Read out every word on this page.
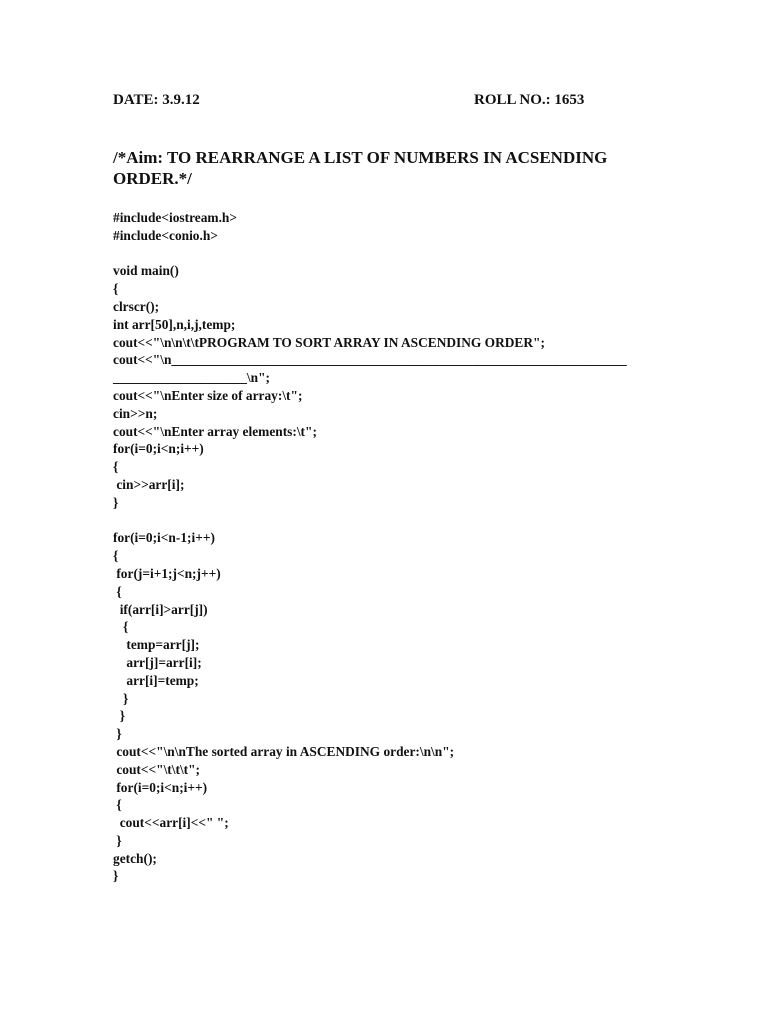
DATE: 3.9.12	ROLL NO.: 1653
/*Aim: TO REARRANGE A LIST OF NUMBERS IN ACSENDING
ORDER.*/
#include<iostream.h>
#include<conio.h>
void main()
{
clrscr();
int arr[50],n,i,j,temp;
cout<<"\n\n\t\tPROGRAM TO SORT ARRAY IN ASCENDING ORDER";
cout<<"\n____________________________________________________________________
____________________\n";
cout<<"\nEnter size of array:\t";
cin>>n;
cout<<"\nEnter array elements:\t";
for(i=0;i<n;i++)
{
cin>>arr[i];
}
for(i=0;i<n-1;i++)
{
for(j=i+1;j<n;j++)
{
if(arr[i]>arr[j])
{
temp=arr[j];
arr[j]=arr[i];
arr[i]=temp;
}
}
}
cout<<"\n\nThe sorted array in ASCENDING order:\n\n";
cout<<"\t\t\t";
for(i=0;i<n;i++)
{
cout<<arr[i]<<" ";
}
getch();
}
